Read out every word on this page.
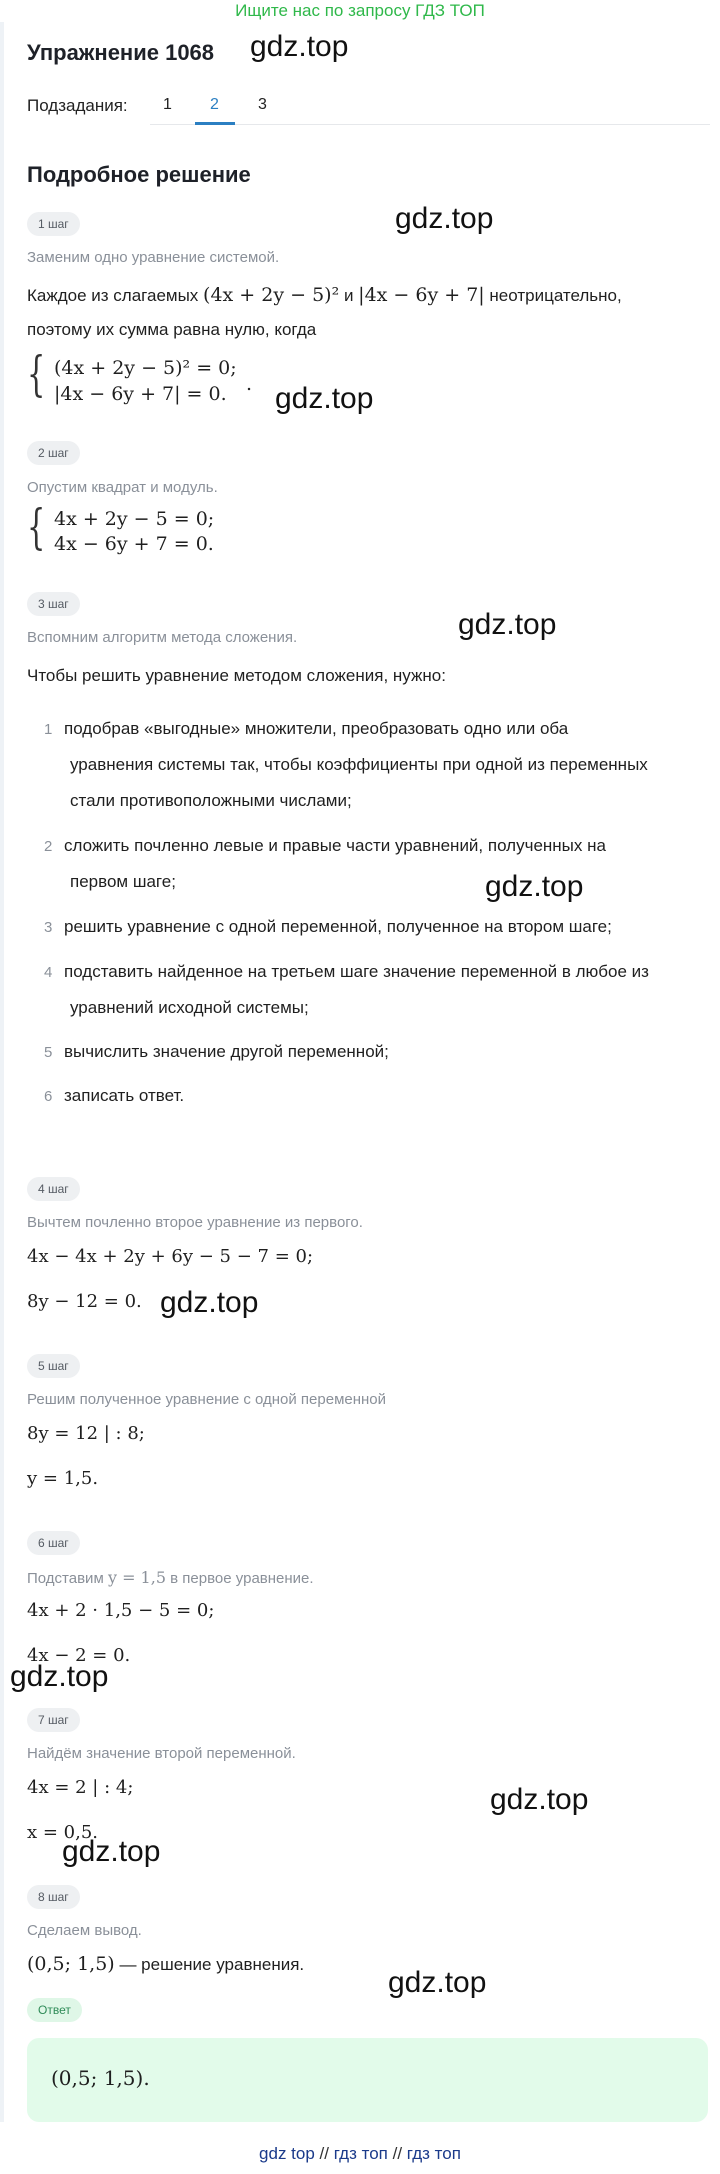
Ищите нас по запросу ГДЗ ТОП
Упражнение 1068 gdz.top
Подзадания: 1 2 3
Подробное решение
1 шаг	gdz.top
Заменим одно уравнение системой.
Каждое из слагаемых (4x + 2y − 5)² и |4x − 6y + 7| неотрицательно,
поэтому их сумма равна нулю, когда
{ (4x + 2y − 5)² = 0;
|4x − 6y + 7| = 0. . gdz.top
2 шаг
Опустим квадрат и модуль.
{ 4x + 2y − 5 = 0;
4x − 6y + 7 = 0.
3 шаг
gdz.top
Вспомним алгоритм метода сложения.
Чтобы решить уравнение методом сложения, нужно:
1 подобрав «выгодные» множители, преобразовать одно или оба
уравнения системы так, чтобы коэффициенты при одной из переменных
стали противоположными числами;
2 сложить почленно левые и правые части уравнений, полученных на
первом шаге;	gdz.top
3 решить уравнение с одной переменной, полученное на втором шаге;
4 подставить найденное на третьем шаге значение переменной в любое из
уравнений исходной системы;
5 вычислить значение другой переменной;
6 записать ответ.
4 шаг
Вычтем почленно второе уравнение из первого.
4x − 4x + 2y + 6y − 5 − 7 = 0;
8y − 12 = 0. gdz.top
5 шаг
Решим полученное уравнение с одной переменной
8y = 12 | : 8;
y = 1,5.
6 шаг
Подставим y = 1,5 в первое уравнение.
4x + 2 · 1,5 − 5 = 0;
4x − 2 = 0.
gdz.top
7 шаг
Найдём значение второй переменной.
4x = 2 | : 4;	gdz.top
x = 0,5.
gdz.top
8 шаг
Сделаем вывод.
(0,5; 1,5) — решение уравнения.
gdz.top
Ответ
(0,5; 1,5).
gdz top // гдз топ // гдз топ
